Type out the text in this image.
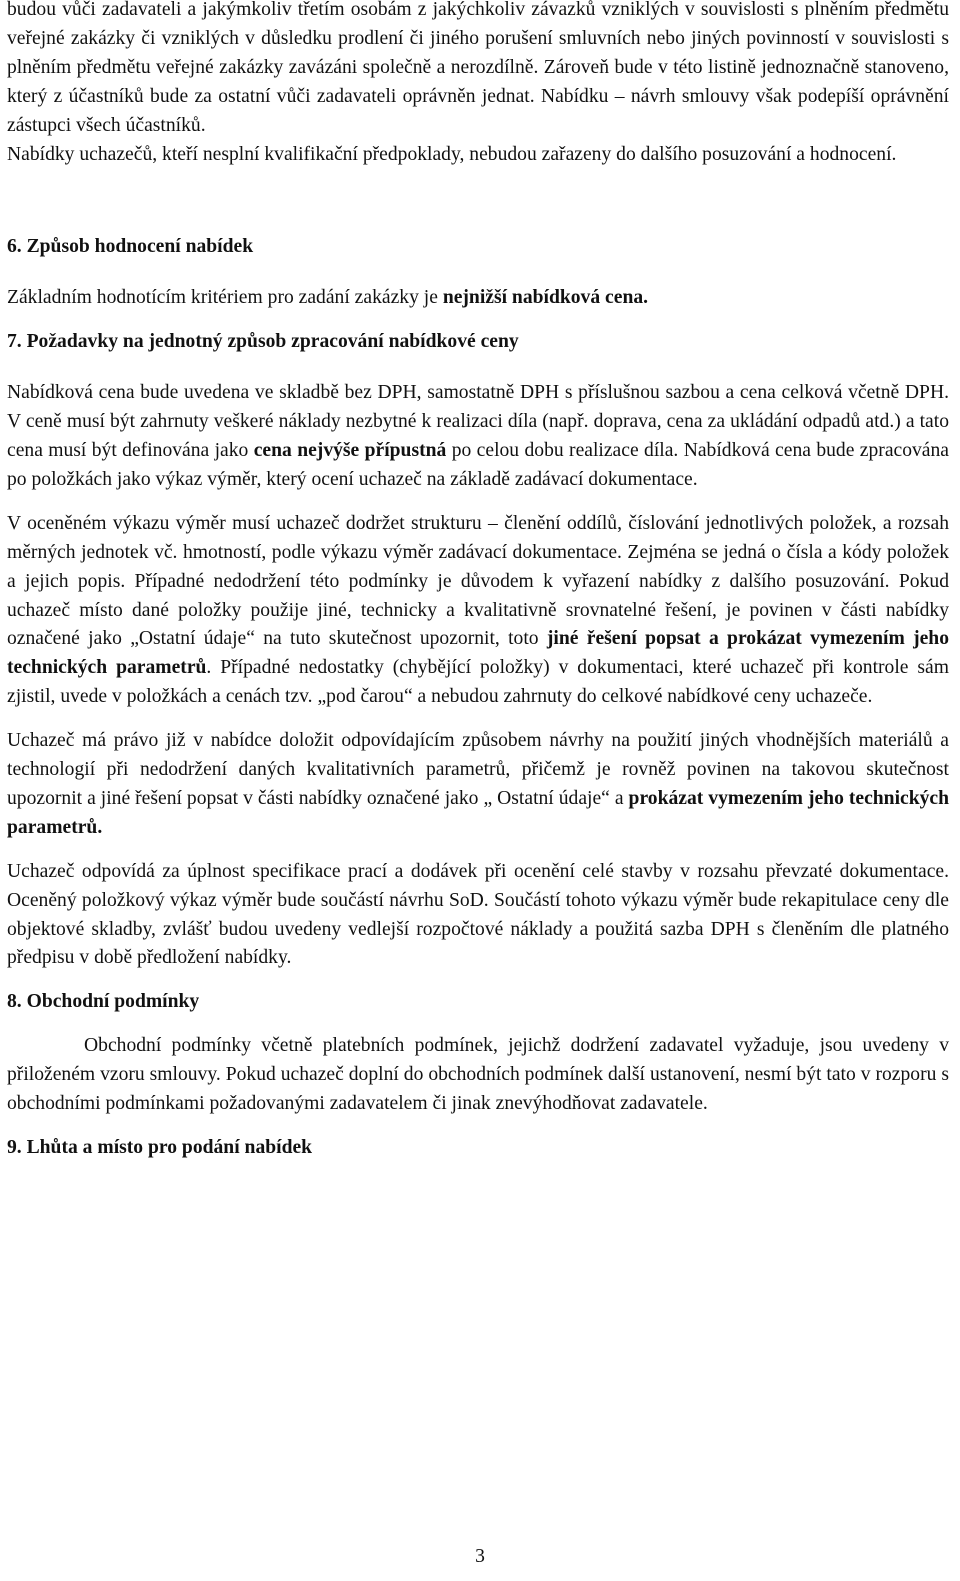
budou vůči zadavateli a jakýmkoliv třetím osobám z jakýchkoliv závazků vzniklých v souvislosti s plněním předmětu veřejné zakázky či vzniklých v důsledku prodlení či jiného porušení smluvních nebo jiných povinností v souvislosti s plněním předmětu veřejné zakázky zavázáni společně a nerozdílně. Zároveň bude v této listině jednoznačně stanoveno, který z účastníků bude za ostatní vůči zadavateli oprávněn jednat. Nabídku – návrh smlouvy však podepíší oprávnění zástupci všech účastníků.

Nabídky uchazečů, kteří nesplní kvalifikační předpoklady, nebudou zařazeny do dalšího posuzování a hodnocení.

6. Způsob hodnocení nabídek

Základním hodnotícím kritériem pro zadání zakázky je nejnižší nabídková cena.

7. Požadavky na jednotný způsob zpracování nabídkové ceny

Nabídková cena bude uvedena ve skladbě bez DPH, samostatně DPH s příslušnou sazbou a cena celková včetně DPH. V ceně musí být zahrnuty veškeré náklady nezbytné k realizaci díla (např. doprava, cena za ukládání odpadů atd.) a tato cena musí být definována jako cena nejvýše přípustná po celou dobu realizace díla. Nabídková cena bude zpracována po položkách jako výkaz výměr, který ocení uchazeč na základě zadávací dokumentace.

V oceněném výkazu výměr musí uchazeč dodržet strukturu – členění oddílů, číslování jednotlivých položek, a rozsah měrných jednotek vč. hmotností, podle výkazu výměr zadávací dokumentace. Zejména se jedná o čísla a kódy položek a jejich popis. Případné nedodržení této podmínky je důvodem k vyřazení nabídky z dalšího posuzování. Pokud uchazeč místo dané položky použije jiné, technicky a kvalitativně srovnatelné řešení, je povinen v části nabídky označené jako „Ostatní údaje“ na tuto skutečnost upozornit, toto jiné řešení popsat a prokázat vymezením jeho technických parametrů. Případné nedostatky (chybějící položky) v dokumentaci, které uchazeč při kontrole sám zjistil, uvede v položkách a cenách tzv. „pod čarou“ a nebudou zahrnuty do celkové nabídkové ceny uchazeče.

Uchazeč má právo již v nabídce doložit odpovídajícím způsobem návrhy na použití jiných vhodnějších materiálů a technologií při nedodržení daných kvalitativních parametrů, přičemž je rovněž povinen na takovou skutečnost upozornit a jiné řešení popsat v části nabídky označené jako „ Ostatní údaje“ a prokázat vymezením jeho technických parametrů.

Uchazeč odpovídá za úplnost specifikace prací a dodávek při ocenění celé stavby v rozsahu převzaté dokumentace. Oceněný položkový výkaz výměr bude součástí návrhu SoD. Součástí tohoto výkazu výměr bude rekapitulace ceny dle objektové skladby, zvlášť budou uvedeny vedlejší rozpočtové náklady a použitá sazba DPH s členěním dle platného předpisu v době předložení nabídky.

8. Obchodní podmínky

Obchodní podmínky včetně platebních podmínek, jejichž dodržení zadavatel vyžaduje, jsou uvedeny v přiloženém vzoru smlouvy. Pokud uchazeč doplní do obchodních podmínek další ustanovení, nesmí být tato v rozporu s obchodními podmínkami požadovanými zadavatelem či jinak znevýhodňovat zadavatele.

9. Lhůta a místo pro podání nabídek

3
